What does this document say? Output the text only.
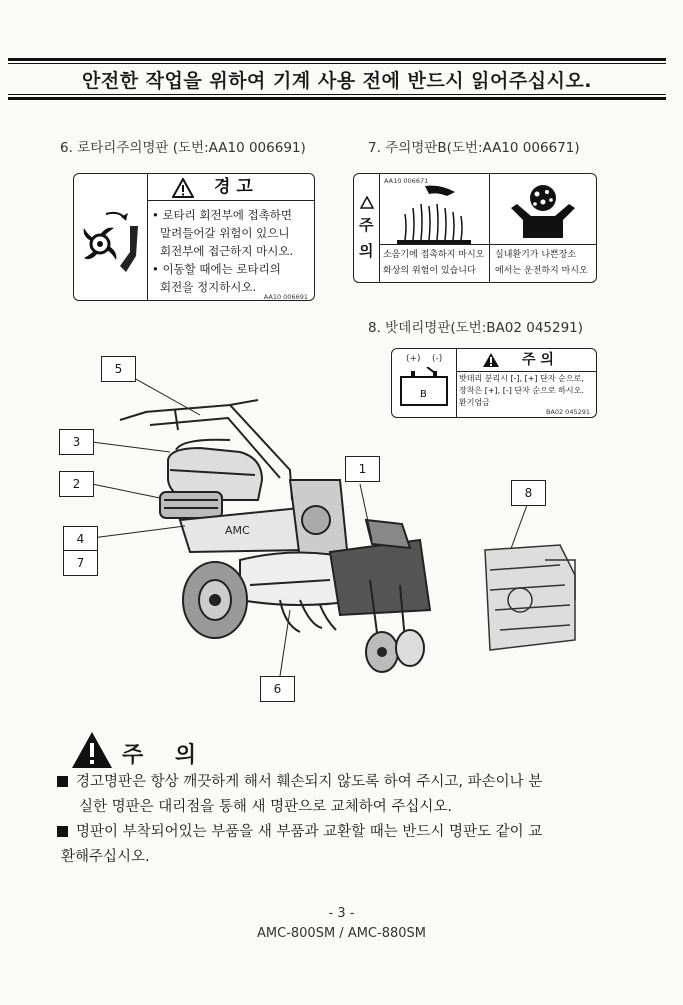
안전한 작업을 위하여 기계 사용 전에 반드시 읽어주십시오.
6. 로타리주의명판 (도번:AA10 006691)
경 고
• 로타리 회전부에 접촉하면
말려들어갈 위험이 있으니
회전부에 접근하지 마시오.
• 이동할 때에는 로타리의
회전을 정지하시오.
AA10 006691
7. 주의명판B(도번:AA10 006671)
AA10 006671
주
의 소음기에 접촉하지 마시오
화상의 위험이 있습니다
실내환기가 나쁜장소
에서는 운전하지 마시오
8. 밧데리명판(도번:BA02 045291)
(+) (-)
B
주 의
밧데리 분리시 [-], [+] 단자 순으로,
장착은 [+], [-] 단자 순으로 하시오.
환기엄금
BA02 045291
AMC
5
3
2
4
7
1
6
8
주 의
경고명판은 항상 깨끗하게 해서 훼손되지 않도록 하여 주시고, 파손이나 분
실한 명판은 대리점을 통해 새 명판으로 교체하여 주십시오.
명판이 부착되어있는 부품을 새 부품과 교환할 때는 반드시 명판도 같이 교
환해주십시오.
- 3 -
AMC-800SM / AMC-880SM
